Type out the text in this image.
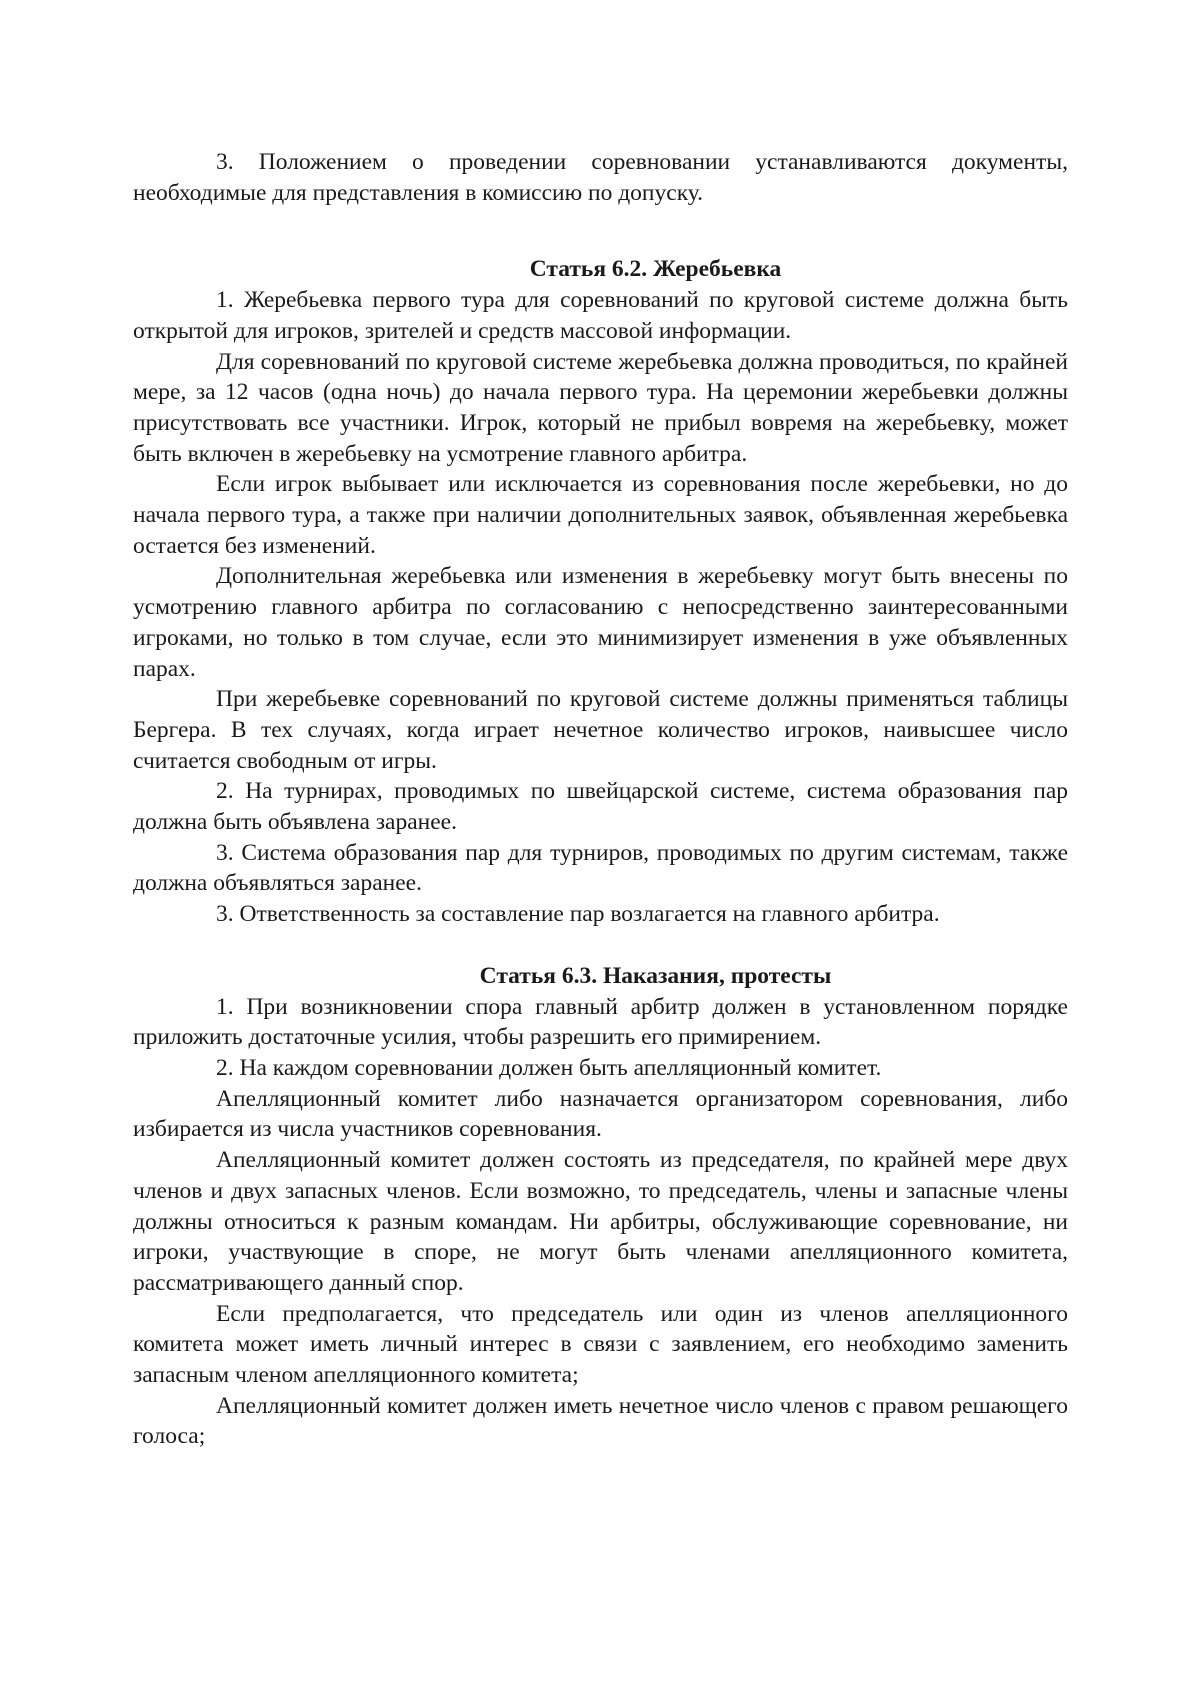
3. Положением о проведении соревновании устанавливаются документы, необходимые для представления в комиссию по допуску.

Статья 6.2. Жеребьевка

1. Жеребьевка первого тура для соревнований по круговой системе должна быть открытой для игроков, зрителей и средств массовой информации.

Для соревнований по круговой системе жеребьевка должна проводиться, по крайней мере, за 12 часов (одна ночь) до начала первого тура. На церемонии жеребьевки должны присутствовать все участники. Игрок, который не прибыл вовремя на жеребьевку, может быть включен в жеребьевку на усмотрение главного арбитра.

Если игрок выбывает или исключается из соревнования после жеребьевки, но до начала первого тура, а также при наличии дополнительных заявок, объявленная жеребьевка остается без изменений.

Дополнительная жеребьевка или изменения в жеребьевку могут быть внесены по усмотрению главного арбитра по согласованию с непосредственно заинтересованными игроками, но только в том случае, если это минимизирует изменения в уже объявленных парах.

При жеребьевке соревнований по круговой системе должны применяться таблицы Бергера. В тех случаях, когда играет нечетное количество игроков, наивысшее число считается свободным от игры.

2. На турнирах, проводимых по швейцарской системе, система образования пар должна быть объявлена заранее.

3. Система образования пар для турниров, проводимых по другим системам, также должна объявляться заранее.

3. Ответственность за составление пар возлагается на главного арбитра.

Статья 6.3. Наказания, протесты

1. При возникновении спора главный арбитр должен в установленном порядке приложить достаточные усилия, чтобы разрешить его примирением.

2. На каждом соревновании должен быть апелляционный комитет.

Апелляционный комитет либо назначается организатором соревнования, либо избирается из числа участников соревнования.

Апелляционный комитет должен состоять из председателя, по крайней мере двух членов и двух запасных членов. Если возможно, то председатель, члены и запасные члены должны относиться к разным командам. Ни арбитры, обслуживающие соревнование, ни игроки, участвующие в споре, не могут быть членами апелляционного комитета, рассматривающего данный спор.

Если предполагается, что председатель или один из членов апелляционного комитета может иметь личный интерес в связи с заявлением, его необходимо заменить запасным членом апелляционного комитета;

Апелляционный комитет должен иметь нечетное число членов с правом решающего голоса;
